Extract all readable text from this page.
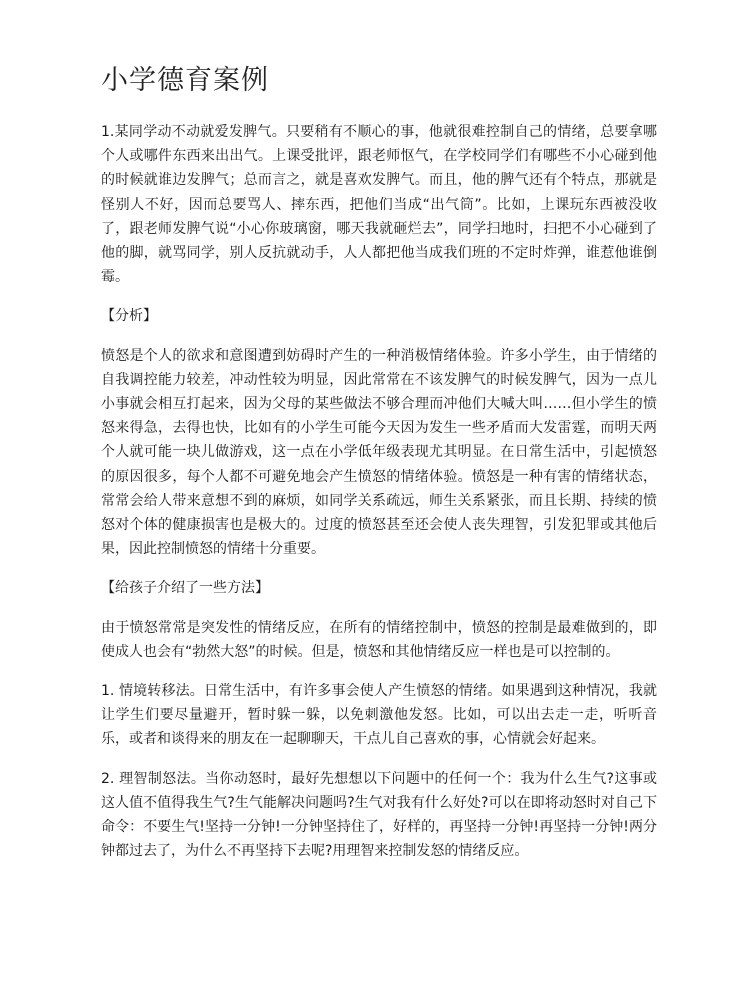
小学德育案例

1.某同学动不动就爱发脾气。只要稍有不顺心的事，他就很难控制自己的情绪，总要拿哪个人或哪件东西来出出气。上课受批评，跟老师怄气，在学校同学们有哪些不小心碰到他的时候就谁边发脾气；总而言之，就是喜欢发脾气。而且，他的脾气还有个特点，那就是怪别人不好，因而总要骂人、摔东西，把他们当成“出气筒”。比如，上课玩东西被没收了，跟老师发脾气说“小心你玻璃窗，哪天我就砸烂去”，同学扫地时，扫把不小心碰到了他的脚，就骂同学，别人反抗就动手，人人都把他当成我们班的不定时炸弹，谁惹他谁倒霉。

【分析】

愤怒是个人的欲求和意图遭到妨碍时产生的一种消极情绪体验。许多小学生，由于情绪的自我调控能力较差，冲动性较为明显，因此常常在不该发脾气的时候发脾气，因为一点儿小事就会相互打起来，因为父母的某些做法不够合理而冲他们大喊大叫……但小学生的愤怒来得急，去得也快，比如有的小学生可能今天因为发生一些矛盾而大发雷霆，而明天两个人就可能一块儿做游戏，这一点在小学低年级表现尤其明显。在日常生活中，引起愤怒的原因很多，每个人都不可避免地会产生愤怒的情绪体验。愤怒是一种有害的情绪状态，常常会给人带来意想不到的麻烦，如同学关系疏远，师生关系紧张，而且长期、持续的愤怒对个体的健康损害也是极大的。过度的愤怒甚至还会使人丧失理智，引发犯罪或其他后果，因此控制愤怒的情绪十分重要。

【给孩子介绍了一些方法】

由于愤怒常常是突发性的情绪反应，在所有的情绪控制中，愤怒的控制是最难做到的，即使成人也会有“勃然大怒”的时候。但是，愤怒和其他情绪反应一样也是可以控制的。

1. 情境转移法。日常生活中，有许多事会使人产生愤怒的情绪。如果遇到这种情况，我就让学生们要尽量避开，暂时躲一躲，以免刺激他发怒。比如，可以出去走一走，听听音乐，或者和谈得来的朋友在一起聊聊天，干点儿自己喜欢的事，心情就会好起来。

2. 理智制怒法。当你动怒时，最好先想想以下问题中的任何一个：我为什么生气?这事或这人值不值得我生气?生气能解决问题吗?生气对我有什么好处?可以在即将动怒时对自己下命令：不要生气!坚持一分钟!一分钟坚持住了，好样的，再坚持一分钟!再坚持一分钟!两分钟都过去了，为什么不再坚持下去呢?用理智来控制发怒的情绪反应。
